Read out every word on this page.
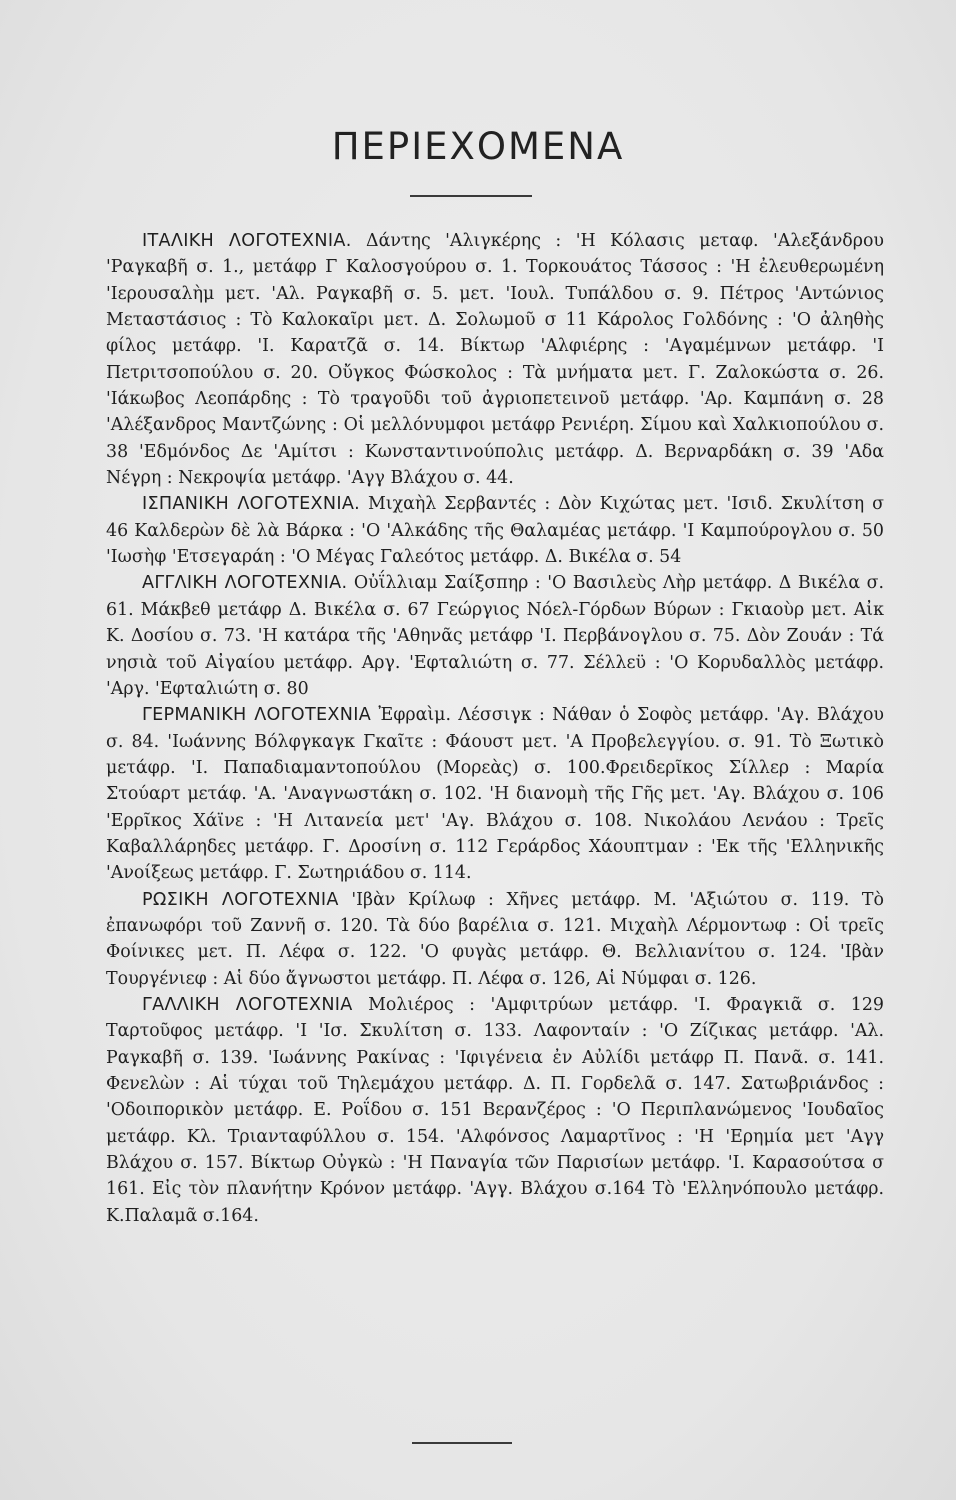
ΠΕΡΙΕΧΟΜΕΝΑ

ΙΤΑΛΙΚΗ ΛΟΓΟΤΕΧΝΙΑ. Δάντης 'Αλιγκέρης : 'Η Κόλασις μεταφ. 'Αλεξάνδρου 'Ραγκαβῆ σ. 1., μετάφρ Γ Καλοσγούρου σ. 1. Τορκουάτος Τάσσος : 'Η ἐλευθερωμένη 'Ιερουσαλὴμ μετ. 'Αλ. Ραγκαβῆ σ. 5. μετ. 'Ιουλ. Τυπάλδου σ. 9. Πέτρος 'Αντώνιος Μεταστάσιος : Τὸ Καλοκαῖρι μετ. Δ. Σολωμοῦ σ 11 Κάρολος Γολδόνης : 'Ο ἀληθὴς φίλος μετάφρ. 'Ι. Καρατζᾶ σ. 14. Βίκτωρ 'Αλφιέρης : 'Αγαμέμνων μετάφρ. 'Ι Πετριτσοπούλου σ. 20. Οὔγκος Φώσκολος : Τὰ μνήματα μετ. Γ. Ζαλοκώστα σ. 26. 'Ιάκωβος Λεοπάρδης : Τὸ τραγοῦδι τοῦ ἀγριοπετεινοῦ μετάφρ. 'Αρ. Καμπάνη σ. 28 'Αλέξανδρος Μαντζώνης : Οἱ μελλόνυμφοι μετάφρ Ρενιέρη. Σίμου καὶ Χαλκιοπούλου σ. 38 'Εδμόνδος Δε 'Αμίτσι : Κωνσταντινούπολις μετάφρ. Δ. Βερναρδάκη σ. 39 'Αδα Νέγρη : Νεκροψία μετάφρ. 'Αγγ Βλάχου σ. 44.

ΙΣΠΑΝΙΚΗ ΛΟΓΟΤΕΧΝΙΑ. Μιχαὴλ Σερβαντές : Δὸν Κιχώτας μετ. 'Ισιδ. Σκυλίτση σ 46 Καλδερὼν δὲ λὰ Βάρκα : 'Ο 'Αλκάδης τῆς Θαλαμέας μετάφρ. 'Ι Καμπούρογλου σ. 50 'Ιωσὴφ 'Ετσεγαράη : 'Ο Μέγας Γαλεότος μετάφρ. Δ. Βικέλα σ. 54

ΑΓΓΛΙΚΗ ΛΟΓΟΤΕΧΝΙΑ. Οὐΐλλιαμ Σαίξσπηρ : 'Ο Βασιλεὺς Λὴρ μετάφρ. Δ Βικέλα σ. 61. Μάκβεθ μετάφρ Δ. Βικέλα σ. 67 Γεώργιος Νόελ-Γόρδων Βύρων : Γκιαοὺρ μετ. Αἰκ Κ. Δοσίου σ. 73. 'Η κατάρα τῆς 'Αθηνᾶς μετάφρ 'Ι. Περβάνογλου σ. 75. Δὸν Ζουάν : Τά νησιὰ τοῦ Αἰγαίου μετάφρ. Αργ. 'Εφταλιώτη σ. 77. Σέλλεϋ : 'Ο Κορυδαλλὸς μετάφρ. 'Αργ. 'Εφταλιώτη σ. 80

ΓΕΡΜΑΝΙΚΗ ΛΟΓΟΤΕΧΝΙΑ Ἐφραὶμ. Λέσσιγκ : Νάθαν ὁ Σοφὸς μετάφρ. 'Αγ. Βλάχου σ. 84. 'Ιωάννης Βόλφγκαγκ Γκαῖτε : Φάουστ μετ. 'Α Προβελεγγίου. σ. 91. Τὸ Ξωτικὸ μετάφρ. 'Ι. Παπαδιαμαντοπούλου (Μορεὰς) σ. 100.Φρειδερῖκος Σίλλερ : Μαρία Στούαρτ μετάφ. 'Α. 'Αναγνωστάκη σ. 102. 'Η διανομὴ τῆς Γῆς μετ. 'Αγ. Βλάχου σ. 106 'Ερρῖκος Χάϊνε : 'Η Λιτανεία μετ' 'Αγ. Βλάχου σ. 108. Νικολάου Λενάου : Τρεῖς Καβαλλάρηδες μετάφρ. Γ. Δροσίνη σ. 112 Γεράρδος Χάουπτμαν : 'Εκ τῆς 'Ελληνικῆς 'Ανοίξεως μετάφρ. Γ. Σωτηριάδου σ. 114.

ΡΩΣΙΚΗ ΛΟΓΟΤΕΧΝΙΑ 'Ιβὰν Κρίλωφ : Χῆνες μετάφρ. Μ. 'Αξιώτου σ. 119. Τὸ ἐπανωφόρι τοῦ Ζαννῆ σ. 120. Τὰ δύο βαρέλια σ. 121. Μιχαὴλ Λέρμοντωφ : Οἱ τρεῖς Φοίνικες μετ. Π. Λέφα σ. 122. 'Ο φυγὰς μετάφρ. Θ. Βελλιανίτου σ. 124. 'Ιβὰν Τουργένιεφ : Αἱ δύο ἄγνωστοι μετάφρ. Π. Λέφα σ. 126, Αἱ Νύμφαι σ. 126.

ΓΑΛΛΙΚΗ ΛΟΓΟΤΕΧΝΙΑ Μολιέρος : 'Αμφιτρύων μετάφρ. 'Ι. Φραγκιᾶ σ. 129 Ταρτοῦφος μετάφρ. 'Ι 'Ισ. Σκυλίτση σ. 133. Λαφονταίν : 'Ο Ζίζικας μετάφρ. 'Αλ. Ραγκαβῆ σ. 139. 'Ιωάννης Ρακίνας : 'Ιφιγένεια ἐν Αὐλίδι μετάφρ Π. Πανᾶ. σ. 141. Φενελὼν : Αἱ τύχαι τοῦ Τηλεμάχου μετάφρ. Δ. Π. Γορδελᾶ σ. 147. Σατωβριάνδος : 'Οδοιπορικὸν μετάφρ. Ε. Ροΐδου σ. 151 Βερανζέρος : 'Ο Περιπλανώμενος 'Ιουδαῖος μετάφρ. Κλ. Τριανταφύλλου σ. 154. 'Αλφόνσος Λαμαρτῖνος : 'Η 'Ερημία μετ 'Αγγ Βλάχου σ. 157. Βίκτωρ Οὐγκὼ : 'Η Παναγία τῶν Παρισίων μετάφρ. 'Ι. Καρασούτσα σ 161. Εἰς τὸν πλανήτην Κρόνον μετάφρ. 'Αγγ. Βλάχου σ.164 Τὸ 'Ελληνόπουλο μετάφρ. Κ.Παλαμᾶ σ.164.
